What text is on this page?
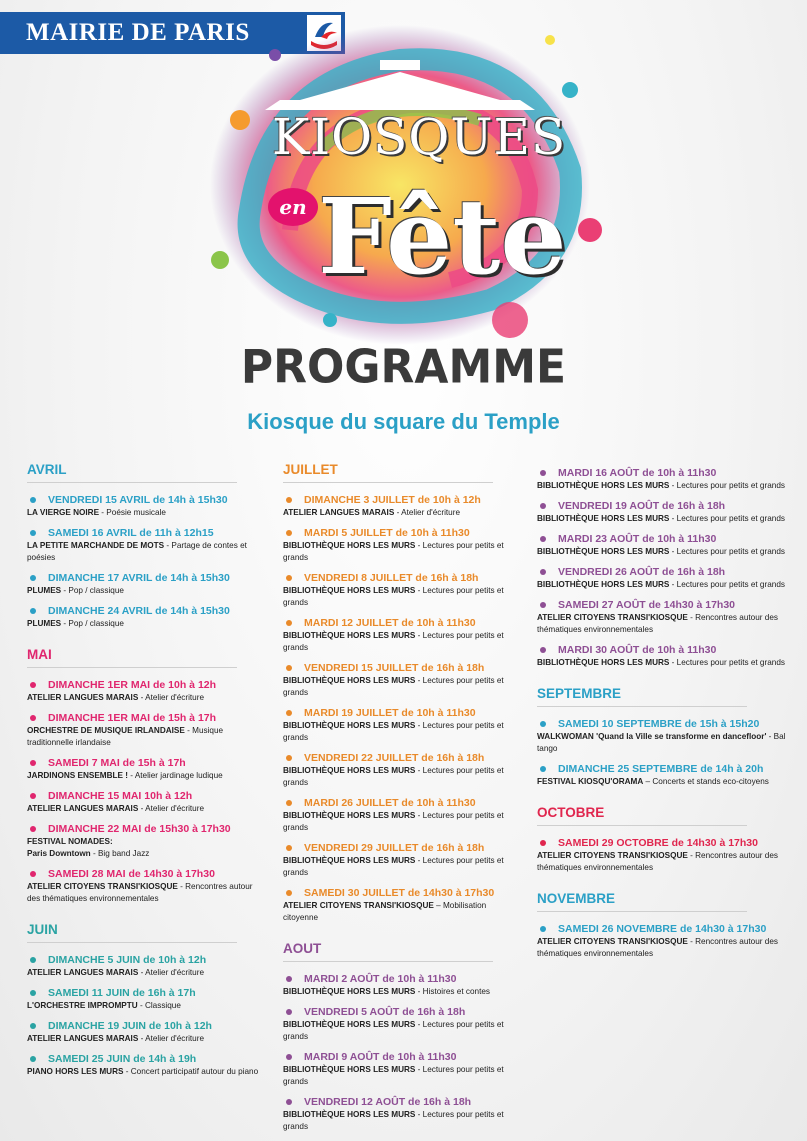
MAIRIE DE PARIS
KIOSQUES
en Fête
PROGRAMME
Kiosque du square du Temple
AVRIL
VENDREDI 15 AVRIL de 14h à 15h30
LA VIERGE NOIRE - Poésie musicale
SAMEDI 16 AVRIL de 11h à 12h15
LA PETITE MARCHANDE DE MOTS - Partage de contes et poésies
DIMANCHE 17 AVRIL de 14h à 15h30
PLUMES - Pop / classique
DIMANCHE 24 AVRIL de 14h à 15h30
PLUMES - Pop / classique
MAI
DIMANCHE 1ER MAI de 10h à 12h
ATELIER LANGUES MARAIS - Atelier d'écriture
DIMANCHE 1ER MAI de 15h à 17h
ORCHESTRE DE MUSIQUE IRLANDAISE - Musique traditionnelle irlandaise
SAMEDI 7 MAI de 15h à 17h
JARDINONS ENSEMBLE ! - Atelier jardinage ludique
DIMANCHE 15 MAI 10h à 12h
ATELIER LANGUES MARAIS - Atelier d'écriture
DIMANCHE 22 MAI de 15h30 à 17h30
FESTIVAL NOMADES:
Paris Downtown - Big band Jazz
SAMEDI 28 MAI de 14h30 à 17h30
ATELIER CITOYENS TRANSI'KIOSQUE - Rencontres autour des thématiques environnementales
JUIN
DIMANCHE 5 JUIN de 10h à 12h
ATELIER LANGUES MARAIS - Atelier d'écriture
SAMEDI 11 JUIN de 16h à 17h
L'ORCHESTRE IMPROMPTU - Classique
DIMANCHE 19 JUIN de 10h à 12h
ATELIER LANGUES MARAIS - Atelier d'écriture
SAMEDI 25 JUIN de 14h à 19h
PIANO HORS LES MURS - Concert participatif autour du piano
JUILLET
DIMANCHE 3 JUILLET de 10h à 12h
ATELIER LANGUES MARAIS - Atelier d'écriture
MARDI 5 JUILLET de 10h à 11h30
BIBLIOTHÈQUE HORS LES MURS - Lectures pour petits et grands
VENDREDI 8 JUILLET de 16h à 18h
BIBLIOTHÈQUE HORS LES MURS - Lectures pour petits et grands
MARDI 12 JUILLET de 10h à 11h30
BIBLIOTHÈQUE HORS LES MURS - Lectures pour petits et grands
VENDREDI 15 JUILLET de 16h à 18h
BIBLIOTHÈQUE HORS LES MURS - Lectures pour petits et grands
MARDI 19 JUILLET de 10h à 11h30
BIBLIOTHÈQUE HORS LES MURS - Lectures pour petits et grands
VENDREDI 22 JUILLET de 16h à 18h
BIBLIOTHÈQUE HORS LES MURS - Lectures pour petits et grands
MARDI 26 JUILLET de 10h à 11h30
BIBLIOTHÈQUE HORS LES MURS - Lectures pour petits et grands
VENDREDI 29 JUILLET de 16h à 18h
BIBLIOTHÈQUE HORS LES MURS - Lectures pour petits et grands
SAMEDI 30 JUILLET de 14h30 à 17h30
ATELIER CITOYENS TRANSI'KIOSQUE – Mobilisation citoyenne
AOUT
MARDI 2 AOÛT de 10h à 11h30
BIBLIOTHÈQUE HORS LES MURS - Histoires et contes
VENDREDI 5 AOÛT de 16h à 18h
BIBLIOTHÈQUE HORS LES MURS - Lectures pour petits et grands
MARDI 9 AOÛT de 10h à 11h30
BIBLIOTHÈQUE HORS LES MURS - Lectures pour petits et grands
VENDREDI 12 AOÛT de 16h à 18h
BIBLIOTHÈQUE HORS LES MURS - Lectures pour petits et grands
MARDI 16 AOÛT de 10h à 11h30
BIBLIOTHÈQUE HORS LES MURS - Lectures pour petits et grands
VENDREDI 19 AOÛT de 16h à 18h
BIBLIOTHÈQUE HORS LES MURS - Lectures pour petits et grands
MARDI 23 AOÛT de 10h à 11h30
BIBLIOTHÈQUE HORS LES MURS - Lectures pour petits et grands
VENDREDI 26 AOÛT de 16h à 18h
BIBLIOTHÈQUE HORS LES MURS - Lectures pour petits et grands
SAMEDI 27 AOÛT de 14h30 à 17h30
ATELIER CITOYENS TRANSI'KIOSQUE - Rencontres autour des thématiques environnementales
MARDI 30 AOÛT de 10h à 11h30
BIBLIOTHÈQUE HORS LES MURS - Lectures pour petits et grands
SEPTEMBRE
SAMEDI 10 SEPTEMBRE de 15h à 15h20
WALKWOMAN 'Quand la Ville se transforme en dancefloor' - Bal tango
DIMANCHE 25 SEPTEMBRE de 14h à 20h
FESTIVAL KIOSQU'ORAMA – Concerts et stands eco-citoyens
OCTOBRE
SAMEDI 29 OCTOBRE de 14h30 à 17h30
ATELIER CITOYENS TRANSI'KIOSQUE - Rencontres autour des thématiques environnementales
NOVEMBRE
SAMEDI 26 NOVEMBRE de 14h30 à 17h30
ATELIER CITOYENS TRANSI'KIOSQUE - Rencontres autour des thématiques environnementales
